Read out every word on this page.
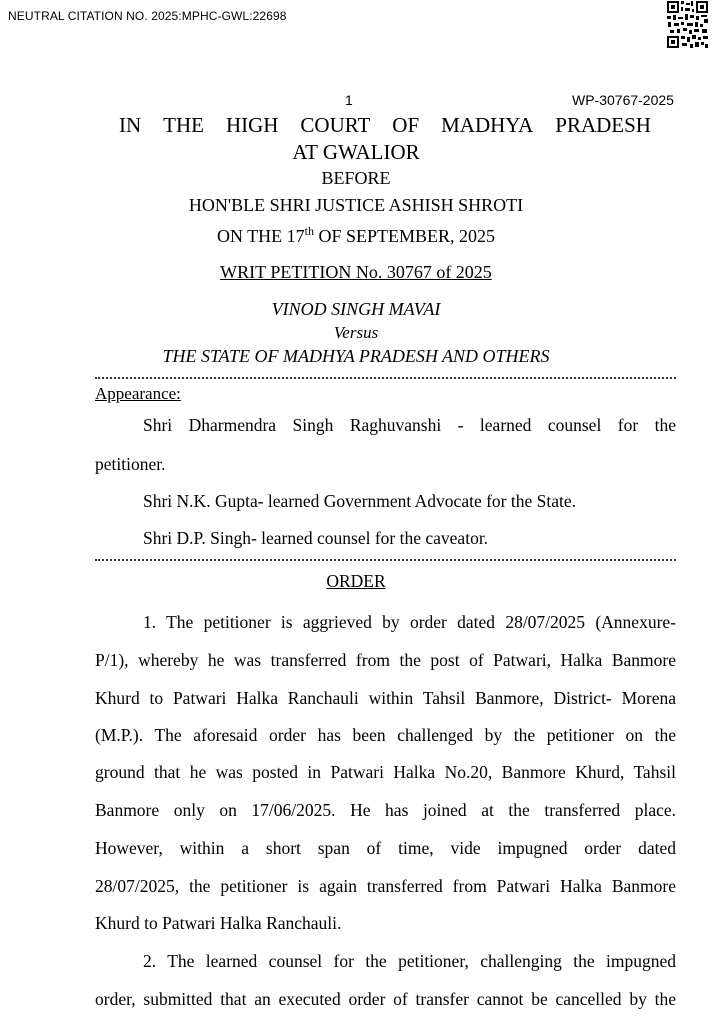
NEUTRAL CITATION NO. 2025:MPHC-GWL:22698
1	WP-30767-2025
IN THE HIGH COURT OF MADHYA PRADESH
AT GWALIOR
BEFORE
HON'BLE SHRI JUSTICE ASHISH SHROTI
ON THE 17th OF SEPTEMBER, 2025
WRIT PETITION No. 30767 of 2025
VINOD SINGH MAVAI
Versus
THE STATE OF MADHYA PRADESH AND OTHERS
Appearance:
Shri Dharmendra Singh Raghuvanshi - learned counsel for the
petitioner.
Shri N.K. Gupta- learned Government Advocate for the State.
Shri D.P. Singh- learned counsel for the caveator.
ORDER
1. The petitioner is aggrieved by order dated 28/07/2025 (Annexure-
P/1), whereby he was transferred from the post of Patwari, Halka Banmore
Khurd to Patwari Halka Ranchauli within Tahsil Banmore, District- Morena
(M.P.). The aforesaid order has been challenged by the petitioner on the
ground that he was posted in Patwari Halka No.20, Banmore Khurd, Tahsil
Banmore only on 17/06/2025. He has joined at the transferred place.
However, within a short span of time, vide impugned order dated
28/07/2025, the petitioner is again transferred from Patwari Halka Banmore
Khurd to Patwari Halka Ranchauli.
2. The learned counsel for the petitioner, challenging the impugned
order, submitted that an executed order of transfer cannot be cancelled by the
